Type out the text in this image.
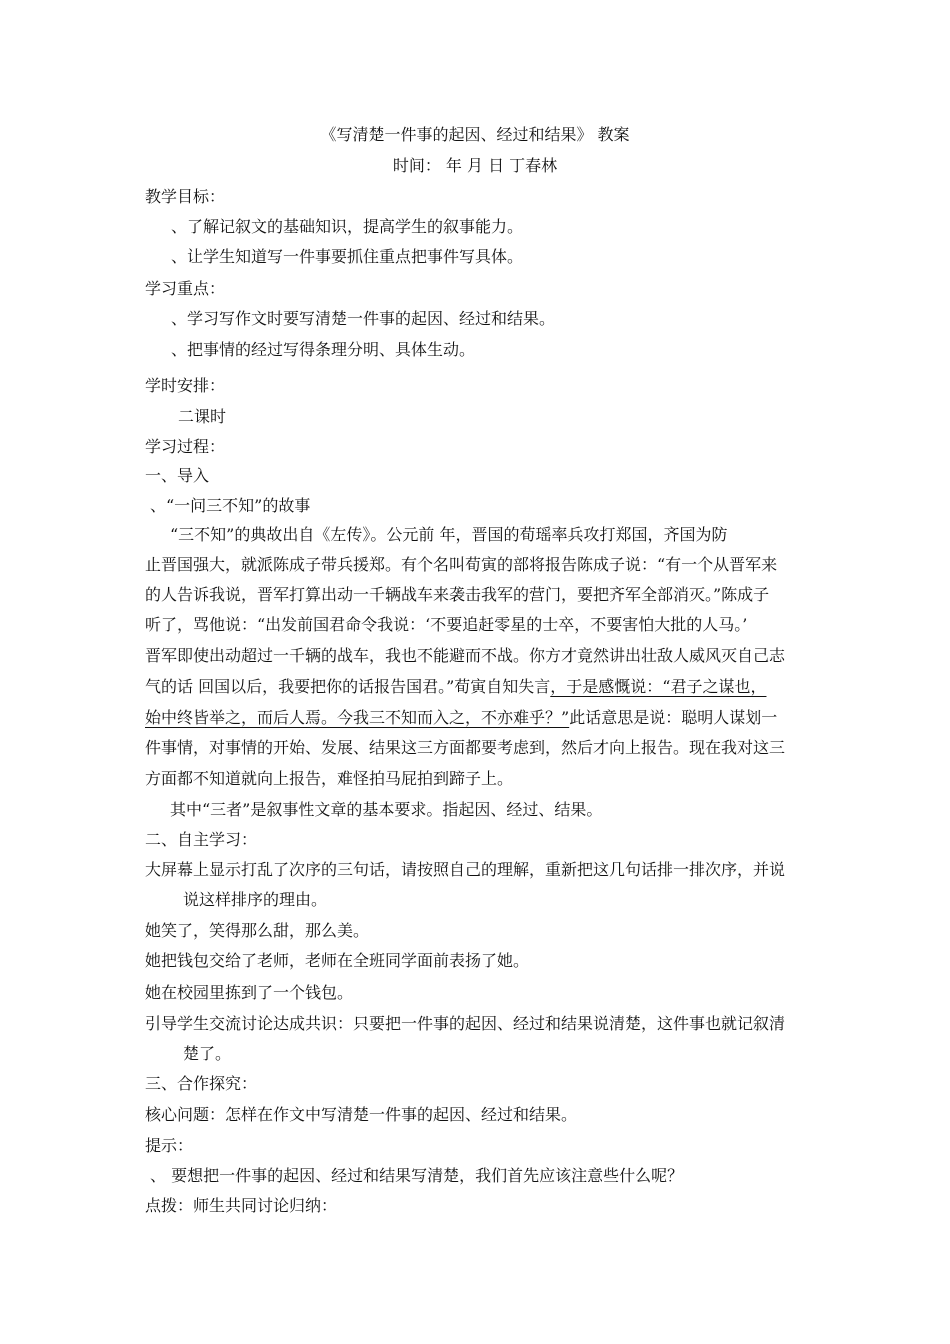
《写清楚一件事的起因、经过和结果》 教案
时间： 年 月 日 丁春林
教学目标：
、了解记叙文的基础知识，提高学生的叙事能力。
、让学生知道写一件事要抓住重点把事件写具体。
学习重点：
、学习写作文时要写清楚一件事的起因、经过和结果。
、把事情的经过写得条理分明、具体生动。
学时安排：
二课时
学习过程：
一、导入
、“一问三不知”的故事
“三不知”的典故出自《左传》。公元前 年，晋国的荀瑶率兵攻打郑国，齐国为防
止晋国强大，就派陈成子带兵援郑。有个名叫荀寅的部将报告陈成子说：“有一个从晋军来
的人告诉我说，晋军打算出动一千辆战车来袭击我军的营门，要把齐军全部消灭。”陈成子
听了，骂他说：“出发前国君命令我说：‘不要追赶零星的士卒，不要害怕大批的人马。’
晋军即使出动超过一千辆的战车，我也不能避而不战。你方才竟然讲出壮敌人威风灭自己志
气的话 回国以后，我要把你的话报告国君。”荀寅自知失言，于是感慨说：“君子之谋也，
始中终皆举之，而后人焉。今我三不知而入之，不亦难乎？”此话意思是说：聪明人谋划一
件事情，对事情的开始、发展、结果这三方面都要考虑到，然后才向上报告。现在我对这三
方面都不知道就向上报告，难怪拍马屁拍到蹄子上。
其中“三者”是叙事性文章的基本要求。指起因、经过、结果。
二、自主学习：
大屏幕上显示打乱了次序的三句话，请按照自己的理解，重新把这几句话排一排次序，并说
说这样排序的理由。
她笑了，笑得那么甜，那么美。
她把钱包交给了老师，老师在全班同学面前表扬了她。
她在校园里拣到了一个钱包。
引导学生交流讨论达成共识：只要把一件事的起因、经过和结果说清楚，这件事也就记叙清
楚了。
三、合作探究：
核心问题：怎样在作文中写清楚一件事的起因、经过和结果。
提示：
、 要想把一件事的起因、经过和结果写清楚，我们首先应该注意些什么呢？
点拨：师生共同讨论归纳：
